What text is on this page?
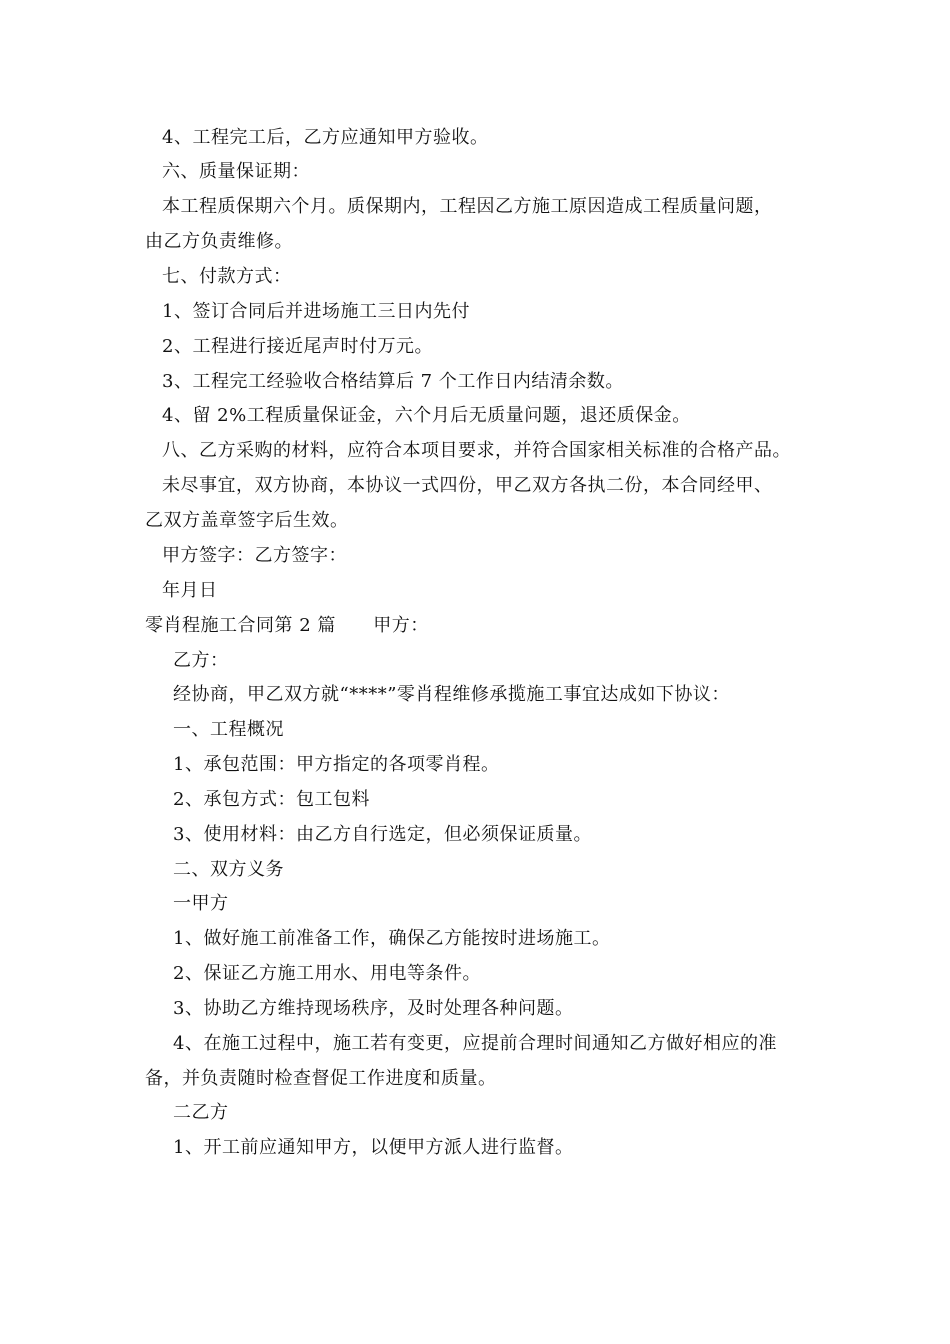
4、工程完工后，乙方应通知甲方验收。
六、质量保证期：
本工程质保期六个月。质保期内，工程因乙方施工原因造成工程质量问题，
由乙方负责维修。
七、付款方式：
1、签订合同后并进场施工三日内先付
2、工程进行接近尾声时付万元。
3、工程完工经验收合格结算后 7 个工作日内结清余数。
4、留 2%工程质量保证金，六个月后无质量问题，退还质保金。
八、乙方采购的材料，应符合本项目要求，并符合国家相关标准的合格产品。
未尽事宜，双方协商，本协议一式四份，甲乙双方各执二份，本合同经甲、
乙双方盖章签字后生效。
甲方签字：乙方签字：
年月日
零肖程施工合同第 2 篇      甲方：
乙方：
经协商，甲乙双方就“****”零肖程维修承揽施工事宜达成如下协议：
一、工程概况
1、承包范围：甲方指定的各项零肖程。
2、承包方式：包工包料
3、使用材料：由乙方自行选定，但必须保证质量。
二、双方义务
一甲方
1、做好施工前准备工作，确保乙方能按时进场施工。
2、保证乙方施工用水、用电等条件。
3、协助乙方维持现场秩序，及时处理各种问题。
4、在施工过程中，施工若有变更，应提前合理时间通知乙方做好相应的准
备，并负责随时检查督促工作进度和质量。
二乙方
1、开工前应通知甲方，以便甲方派人进行监督。
